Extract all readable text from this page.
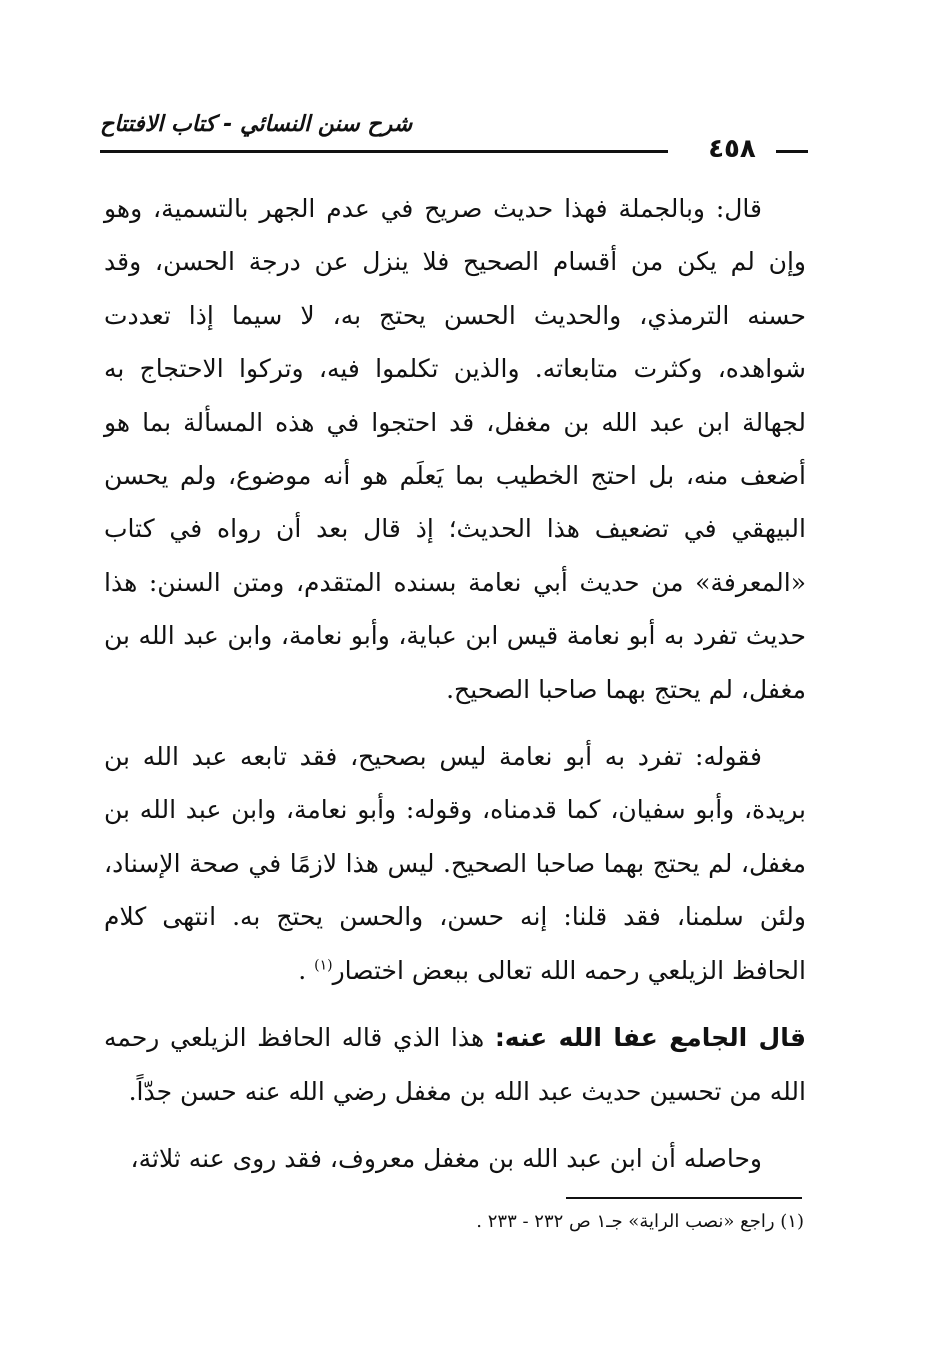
شرح سنن النسائي - كتاب الافتتاح
٤٥٨

قال: وبالجملة فهذا حديث صريح في عدم الجهر بالتسمية، وهو وإن لم يكن من أقسام الصحيح فلا ينزل عن درجة الحسن، وقد حسنه الترمذي، والحديث الحسن يحتج به، لا سيما إذا تعددت شواهده، وكثرت متابعاته. والذين تكلموا فيه، وتركوا الاحتجاج به لجهالة ابن عبد الله بن مغفل، قد احتجوا في هذه المسألة بما هو أضعف منه، بل احتج الخطيب بما يَعلَم هو أنه موضوع، ولم يحسن البيهقي في تضعيف هذا الحديث؛ إذ قال بعد أن رواه في كتاب «المعرفة» من حديث أبي نعامة بسنده المتقدم، ومتن السنن: هذا حديث تفرد به أبو نعامة قيس ابن عباية، وأبو نعامة، وابن عبد الله بن مغفل، لم يحتج بهما صاحبا الصحيح.

فقوله: تفرد به أبو نعامة ليس بصحيح، فقد تابعه عبد الله بن بريدة، وأبو سفيان، كما قدمناه، وقوله: وأبو نعامة، وابن عبد الله بن مغفل، لم يحتج بهما صاحبا الصحيح. ليس هذا لازمًا في صحة الإسناد، ولئن سلمنا، فقد قلنا: إنه حسن، والحسن يحتج به. انتهى كلام الحافظ الزيلعي رحمه الله تعالى ببعض اختصار$^{(١)}$ .

قال الجامع عفا الله عنه: هذا الذي قاله الحافظ الزيلعي رحمه الله من تحسين حديث عبد الله بن مغفل رضي الله عنه حسن جدّاً.

وحاصله أن ابن عبد الله بن مغفل معروف، فقد روى عنه ثلاثة،

(١) راجع «نصب الراية» جـ١ ص ٢٣٢ - ٢٣٣ .
